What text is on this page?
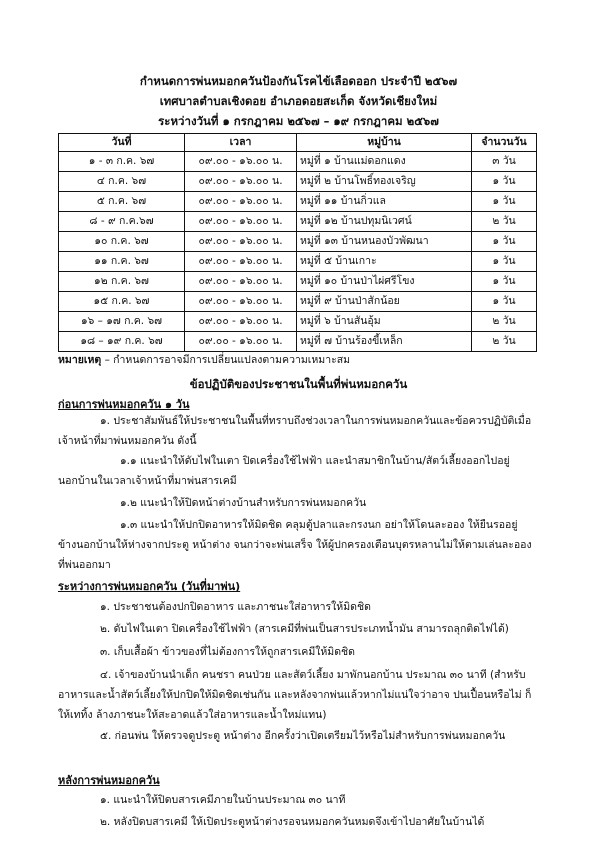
กำหนดการพ่นหมอกควันป้องกันโรคไข้เลือดออก ประจำปี ๒๕๖๗
เทศบาลตำบลเชิงดอย อำเภอดอยสะเก็ด จังหวัดเชียงใหม่
ระหว่างวันที่ ๑ กรกฎาคม ๒๕๖๗ – ๑๙ กรกฎาคม ๒๕๖๗
วันที่	เวลา	หมู่บ้าน	จำนวนวัน
๑ - ๓ ก.ค. ๖๗	๐๙.๐๐ - ๑๖.๐๐ น.	หมู่ที่ ๑ บ้านแม่ดอกแดง	๓ วัน
๔ ก.ค. ๖๗	๐๙.๐๐ - ๑๖.๐๐ น.	หมู่ที่ ๒ บ้านโพธิ์ทองเจริญ	๑ วัน
๕ ก.ค. ๖๗	๐๙.๐๐ - ๑๖.๐๐ น.	หมู่ที่ ๑๑ บ้านกิ่วแล	๑ วัน
๘ - ๙ ก.ค.๖๗	๐๙.๐๐ - ๑๖.๐๐ น.	หมู่ที่ ๑๒ บ้านปทุมนิเวศน์	๒ วัน
๑๐ ก.ค. ๖๗	๐๙.๐๐ - ๑๖.๐๐ น.	หมู่ที่ ๑๓ บ้านหนองบัวพัฒนา	๑ วัน
๑๑ ก.ค. ๖๗	๐๙.๐๐ - ๑๖.๐๐ น.	หมู่ที่ ๕ บ้านเกาะ	๑ วัน
๑๒ ก.ค. ๖๗	๐๙.๐๐ - ๑๖.๐๐ น.	หมู่ที่ ๑๐ บ้านป่าไผ่ศรีโขง	๑ วัน
๑๕ ก.ค. ๖๗	๐๙.๐๐ - ๑๖.๐๐ น.	หมู่ที่ ๙ บ้านป่าสักน้อย	๑ วัน
๑๖ – ๑๗ ก.ค. ๖๗	๐๙.๐๐ - ๑๖.๐๐ น.	หมู่ที่ ๖ บ้านสันอุ้ม	๒ วัน
๑๘ – ๑๙ ก.ค. ๖๗	๐๙.๐๐ - ๑๖.๐๐ น.	หมู่ที่ ๗ บ้านร้องขี้เหล็ก	๒ วัน
หมายเหตุ – กำหนดการอาจมีการเปลี่ยนแปลงตามความเหมาะสม
ข้อปฏิบัติของประชาชนในพื้นที่พ่นหมอกควัน
ก่อนการพ่นหมอกควัน ๑ วัน
๑. ประชาสัมพันธ์ให้ประชาชนในพื้นที่ทราบถึงช่วงเวลาในการพ่นหมอกควันและข้อควรปฏิบัติเมื่อ
เจ้าหน้าที่มาพ่นหมอกควัน ดังนี้
๑.๑ แนะนำให้ดับไฟในเตา ปิดเครื่องใช้ไฟฟ้า และนำสมาชิกในบ้าน/สัตว์เลี้ยงออกไปอยู่
นอกบ้านในเวลาเจ้าหน้าที่มาพ่นสารเคมี
๑.๒ แนะนำให้ปิดหน้าต่างบ้านสำหรับการพ่นหมอกควัน
๑.๓ แนะนำให้ปกปิดอาหารให้มิดชิด คลุมตู้ปลาและกรงนก อย่าให้โดนละออง ให้ยืนรออยู่
ข้างนอกบ้านให้ห่างจากประตู หน้าต่าง จนกว่าจะพ่นเสร็จ ให้ผู้ปกครองเตือนบุตรหลานไม่ให้ตามเล่นละออง
ที่พ่นออกมา
ระหว่างการพ่นหมอกควัน (วันที่มาพ่น)
๑. ประชาชนต้องปกปิดอาหาร และภาชนะใส่อาหารให้มิดชิด
๒. ดับไฟในเตา ปิดเครื่องใช้ไฟฟ้า (สารเคมีที่พ่นเป็นสารประเภทน้ำมัน สามารถลุกติดไฟได้)
๓. เก็บเสื้อผ้า ข้าวของที่ไม่ต้องการให้ถูกสารเคมีให้มิดชิด
๔. เจ้าของบ้านนำเด็ก คนชรา คนป่วย และสัตว์เลี้ยง มาพักนอกบ้าน ประมาณ ๓๐ นาที (สำหรับ
อาหารและน้ำสัตว์เลี้ยงให้ปกปิดให้มิดชิดเช่นกัน และหลังจากพ่นแล้วหากไม่แน่ใจว่าอาจ ปนเปื้อนหรือไม่ ก็
ให้เททิ้ง ล้างภาชนะให้สะอาดแล้วใส่อาหารและน้ำใหม่แทน)
๕. ก่อนพ่น ให้ตรวจดูประตู หน้าต่าง อีกครั้งว่าเปิดเตรียมไว้หรือไม่สำหรับการพ่นหมอกควัน
หลังการพ่นหมอกควัน
๑. แนะนำให้ปิดบสารเคมีภายในบ้านประมาณ ๓๐ นาที
๒. หลังปิดบสารเคมี ให้เปิดประตูหน้าต่างรอจนหมอกควันหมดจึงเข้าไปอาศัยในบ้านได้
